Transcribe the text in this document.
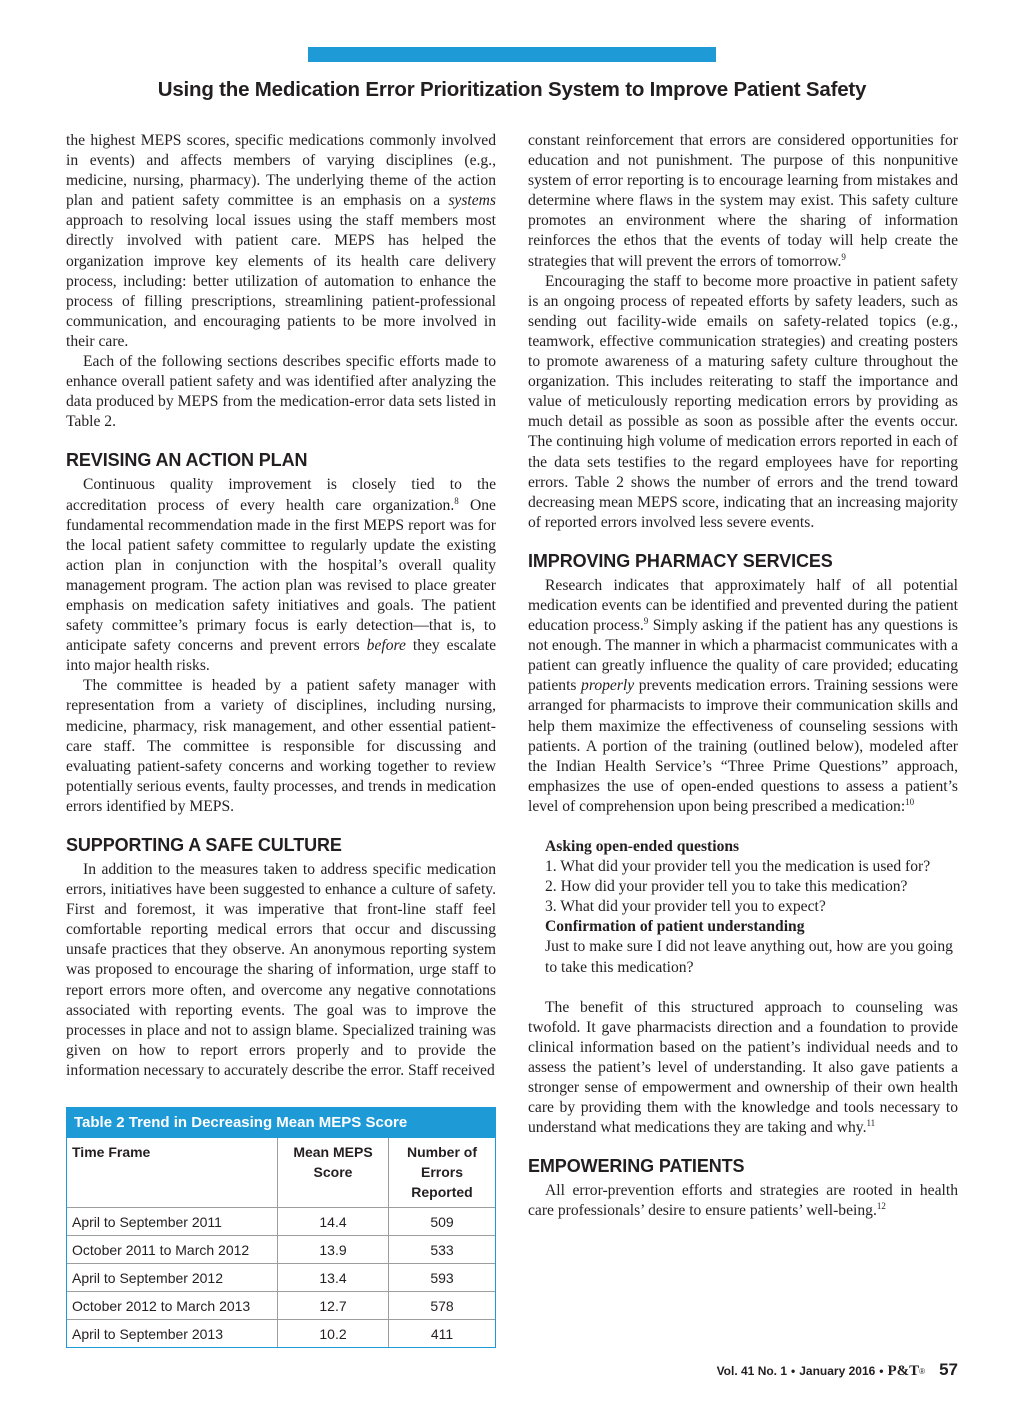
Using the Medication Error Prioritization System to Improve Patient Safety

the highest MEPS scores, specific medications commonly involved in events) and affects members of varying disciplines (e.g., medicine, nursing, pharmacy). The underlying theme of the action plan and patient safety committee is an emphasis on a systems approach to resolving local issues using the staff members most directly involved with patient care. MEPS has helped the organization improve key elements of its health care delivery process, including: better utilization of automation to enhance the process of filling prescriptions, streamlining patient-professional communication, and encouraging patients to be more involved in their care.

Each of the following sections describes specific efforts made to enhance overall patient safety and was identified after analyzing the data produced by MEPS from the medication-error data sets listed in Table 2.

REVISING AN ACTION PLAN

Continuous quality improvement is closely tied to the accreditation process of every health care organization.$^8$ One fundamental recommendation made in the first MEPS report was for the local patient safety committee to regularly update the existing action plan in conjunction with the hospital’s overall quality management program. The action plan was revised to place greater emphasis on medication safety initiatives and goals. The patient safety committee’s primary focus is early detection—that is, to anticipate safety concerns and prevent errors before they escalate into major health risks.

The committee is headed by a patient safety manager with representation from a variety of disciplines, including nursing, medicine, pharmacy, risk management, and other essential patient-care staff. The committee is responsible for discussing and evaluating patient-safety concerns and working together to review potentially serious events, faulty processes, and trends in medication errors identified by MEPS.

SUPPORTING A SAFE CULTURE

In addition to the measures taken to address specific medication errors, initiatives have been suggested to enhance a culture of safety. First and foremost, it was imperative that front-line staff feel comfortable reporting medical errors that occur and discussing unsafe practices that they observe. An anonymous reporting system was proposed to encourage the sharing of information, urge staff to report errors more often, and overcome any negative connotations associated with reporting events. The goal was to improve the processes in place and not to assign blame. Specialized training was given on how to report errors properly and to provide the information necessary to accurately describe the error. Staff received

Table 2 Trend in Decreasing Mean MEPS Score
Time Frame	Mean MEPS Score	Number of Errors Reported
April to September 2011	14.4	509
October 2011 to March 2012	13.9	533
April to September 2012	13.4	593
October 2012 to March 2013	12.7	578
April to September 2013	10.2	411

constant reinforcement that errors are considered opportunities for education and not punishment. The purpose of this nonpunitive system of error reporting is to encourage learning from mistakes and determine where flaws in the system may exist. This safety culture promotes an environment where the sharing of information reinforces the ethos that the events of today will help create the strategies that will prevent the errors of tomorrow.$^9$

Encouraging the staff to become more proactive in patient safety is an ongoing process of repeated efforts by safety leaders, such as sending out facility-wide emails on safety-related topics (e.g., teamwork, effective communication strategies) and creating posters to promote awareness of a maturing safety culture throughout the organization. This includes reiterating to staff the importance and value of meticulously reporting medication errors by providing as much detail as possible as soon as possible after the events occur. The continuing high volume of medication errors reported in each of the data sets testifies to the regard employees have for reporting errors. Table 2 shows the number of errors and the trend toward decreasing mean MEPS score, indicating that an increasing majority of reported errors involved less severe events.

IMPROVING PHARMACY SERVICES

Research indicates that approximately half of all potential medication events can be identified and prevented during the patient education process.$^9$ Simply asking if the patient has any questions is not enough. The manner in which a pharmacist communicates with a patient can greatly influence the quality of care provided; educating patients properly prevents medication errors. Training sessions were arranged for pharmacists to improve their communication skills and help them maximize the effectiveness of counseling sessions with patients. A portion of the training (outlined below), modeled after the Indian Health Service’s “Three Prime Questions” approach, emphasizes the use of open-ended questions to assess a patient’s level of comprehension upon being prescribed a medication:$^{10}$

Asking open-ended questions
1. What did your provider tell you the medication is used for?
2. How did your provider tell you to take this medication?
3. What did your provider tell you to expect?
Confirmation of patient understanding
Just to make sure I did not leave anything out, how are you going to take this medication?

The benefit of this structured approach to counseling was twofold. It gave pharmacists direction and a foundation to provide clinical information based on the patient’s individual needs and to assess the patient’s level of understanding. It also gave patients a stronger sense of empowerment and ownership of their own health care by providing them with the knowledge and tools necessary to understand what medications they are taking and why.$^{11}$

EMPOWERING PATIENTS

All error-prevention efforts and strategies are rooted in health care professionals’ desire to ensure patients’ well-being.$^{12}$

Vol. 41 No. 1 • January 2016 • P&T® 57
